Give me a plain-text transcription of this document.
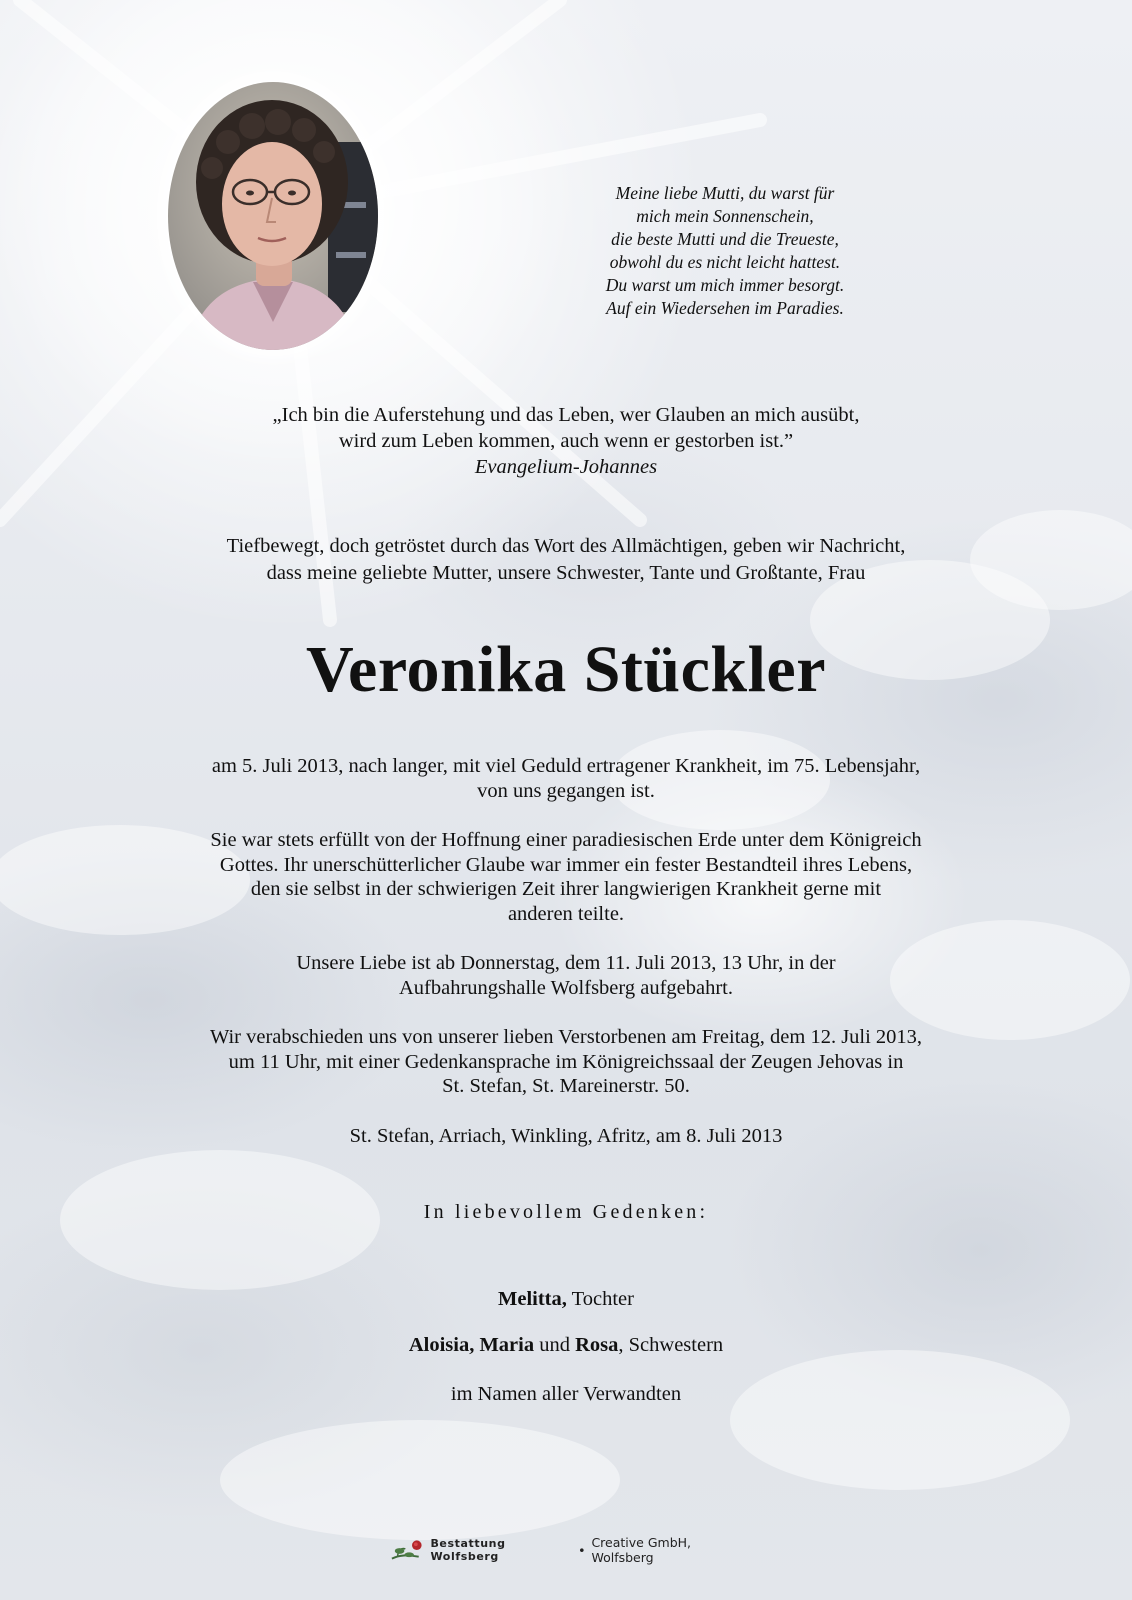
Meine liebe Mutti, du warst für
mich mein Sonnenschein,
die beste Mutti und die Treueste,
obwohl du es nicht leicht hattest.
Du warst um mich immer besorgt.
Auf ein Wiedersehen im Paradies.
„Ich bin die Auferstehung und das Leben, wer Glauben an mich ausübt,
wird zum Leben kommen, auch wenn er gestorben ist.”
Evangelium-Johannes
Tiefbewegt, doch getröstet durch das Wort des Allmächtigen, geben wir Nachricht,
dass meine geliebte Mutter, unsere Schwester, Tante und Großtante, Frau
Veronika Stückler
am 5. Juli 2013, nach langer, mit viel Geduld ertragener Krankheit, im 75. Lebensjahr,
von uns gegangen ist.
Sie war stets erfüllt von der Hoffnung einer paradiesischen Erde unter dem Königreich
Gottes. Ihr unerschütterlicher Glaube war immer ein fester Bestandteil ihres Lebens,
den sie selbst in der schwierigen Zeit ihrer langwierigen Krankheit gerne mit
anderen teilte.
Unsere Liebe ist ab Donnerstag, dem 11. Juli 2013, 13 Uhr, in der
Aufbahrungshalle Wolfsberg aufgebahrt.
Wir verabschieden uns von unserer lieben Verstorbenen am Freitag, dem 12. Juli 2013,
um 11 Uhr, mit einer Gedenkansprache im Königreichssaal der Zeugen Jehovas in
St. Stefan, St. Mareinerstr. 50.
St. Stefan, Arriach, Winkling, Afritz, am 8. Juli 2013
In liebevollem Gedenken:
Melitta, Tochter
Aloisia, Maria und Rosa, Schwestern
im Namen aller Verwandten
Bestattung Wolfsberg	• Creative GmbH, Wolfsberg
